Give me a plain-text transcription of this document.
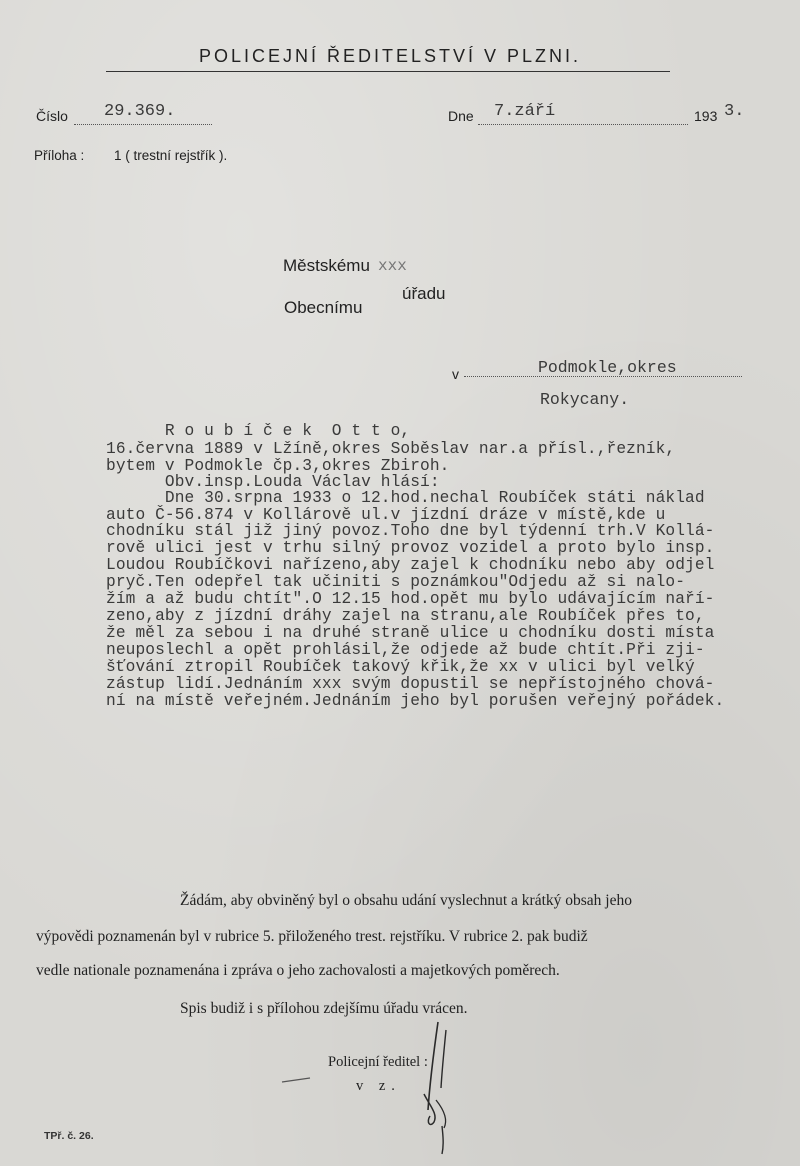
POLICEJNÍ ŘEDITELSTVÍ V PLZNI.
Číslo 29.369.	Dne 7.září	193 3.
Příloha : 1 ( trestní rejstřík ).
Městskému xxx
úřadu
Obecnímu
v	Podmokle,okres
Rokycany.
R o u b í č e k  O t t o,
16.června 1889 v Lžíně,okres Soběslav nar.a přísl.,řezník,
bytem v Podmokle čp.3,okres Zbiroh.
Obv.insp.Louda Václav hlásí:
Dne 30.srpna 1933 o 12.hod.nechal Roubíček státi náklad
auto Č-56.874 v Kollárově ul.v jízdní dráze v místě,kde u
chodníku stál již jiný povoz.Toho dne byl týdenní trh.V Kollá-
rově ulici jest v trhu silný provoz vozidel a proto bylo insp.
Loudou Roubíčkovi nařízeno,aby zajel k chodníku nebo aby odjel
pryč.Ten odepřel tak učiniti s poznámkou"Odjedu až si nalo-
žím a až budu chtít".O 12.15 hod.opět mu bylo udávajícím naří-
zeno,aby z jízdní dráhy zajel na stranu,ale Roubíček přes to,
že měl za sebou i na druhé straně ulice u chodníku dosti místa
neuposlechl a opět prohlásil,že odjede až bude chtít.Při zji-
šťování ztropil Roubíček takový křik,že xx v ulici byl velký
zástup lidí.Jednáním xxx svým dopustil se nepřístojného chová-
ní na místě veřejném.Jednáním jeho byl porušen veřejný pořádek.
Žádám, aby obviněný byl o obsahu udání vyslechnut a krátký obsah jeho
výpovědi poznamenán byl v rubrice 5. přiloženého trest. rejstříku. V rubrice 2. pak budiž
vedle nationale poznamenána i zpráva o jeho zachovalosti a majetkových poměrech.
Spis budiž i s přílohou zdejšímu úřadu vrácen.
Policejní ředitel :
v z.
TPř. č. 26.
